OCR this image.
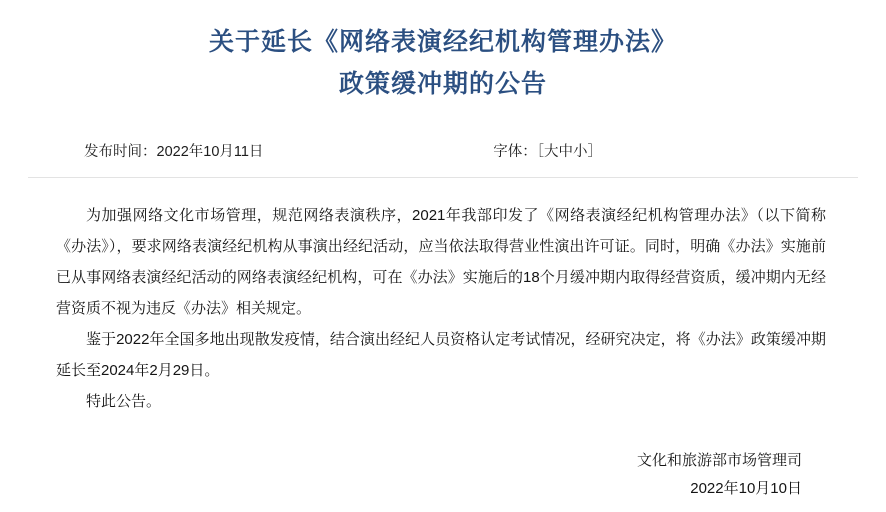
关于延长《网络表演经纪机构管理办法》
政策缓冲期的公告
发布时间：2022年10月11日	字体：［大中小］

为加强网络文化市场管理，规范网络表演秩序，2021年我部印发了《网络表演经纪机构管理办法》（以下简称《办法》），要求网络表演经纪机构从事演出经纪活动，应当依法取得营业性演出许可证。同时，明确《办法》实施前已从事网络表演经纪活动的网络表演经纪机构，可在《办法》实施后的18个月缓冲期内取得经营资质，缓冲期内无经营资质不视为违反《办法》相关规定。

鉴于2022年全国多地出现散发疫情，结合演出经纪人员资格认定考试情况，经研究决定，将《办法》政策缓冲期延长至2024年2月29日。

特此公告。

文化和旅游部市场管理司
2022年10月10日
